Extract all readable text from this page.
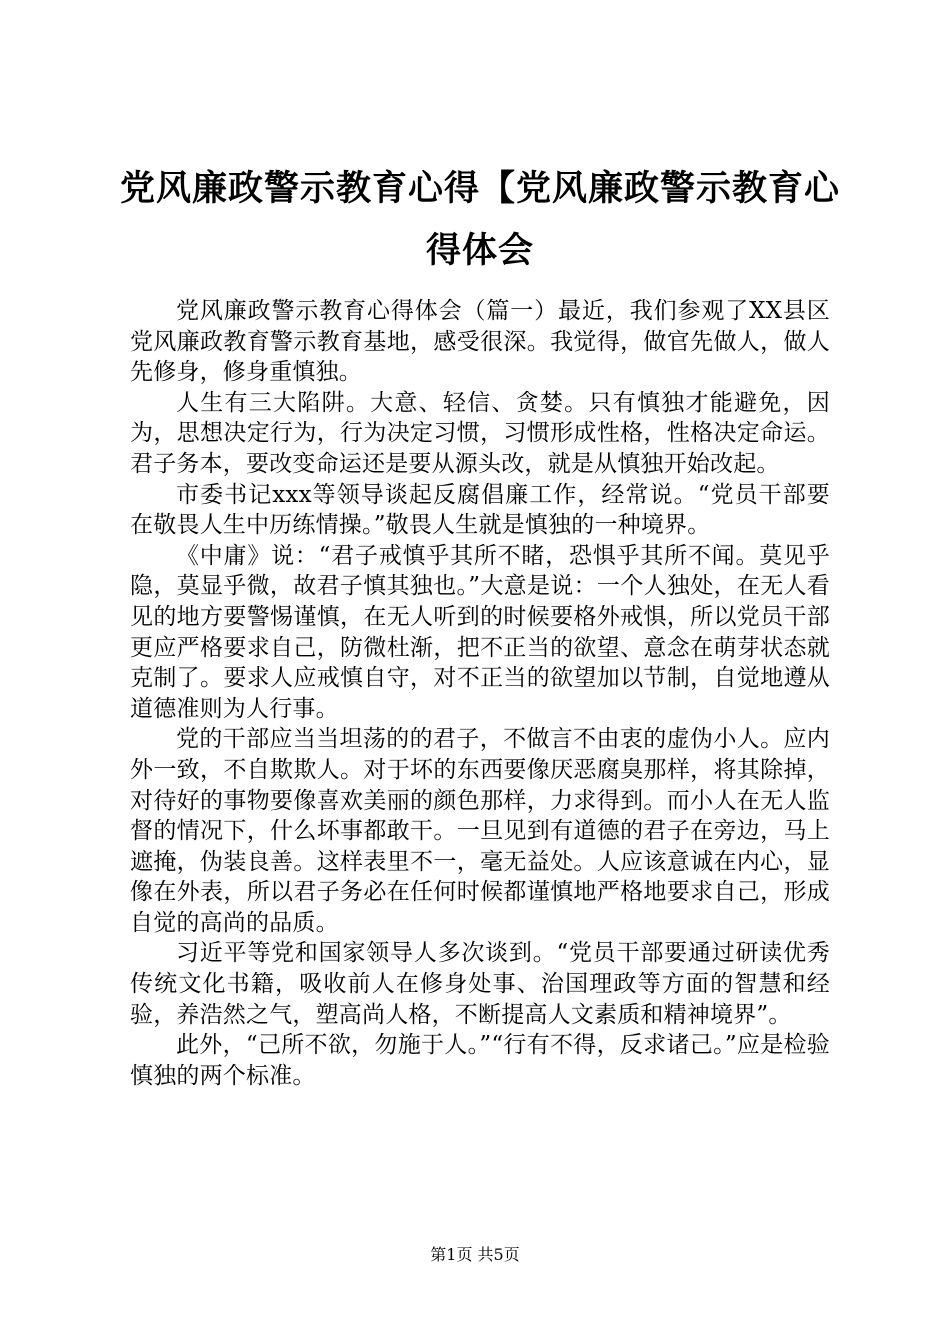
党风廉政警示教育心得【党风廉政警示教育心得体会

党风廉政警示教育心得体会（篇一）最近，我们参观了XX县区党风廉政教育警示教育基地，感受很深。我觉得，做官先做人，做人先修身，修身重慎独。

人生有三大陷阱。大意、轻信、贪婪。只有慎独才能避免，因为，思想决定行为，行为决定习惯，习惯形成性格，性格决定命运。君子务本，要改变命运还是要从源头改，就是从慎独开始改起。

市委书记xxx等领导谈起反腐倡廉工作，经常说。“党员干部要在敬畏人生中历练情操。”敬畏人生就是慎独的一种境界。

《中庸》说：“君子戒慎乎其所不睹，恐惧乎其所不闻。莫见乎隐，莫显乎微，故君子慎其独也。”大意是说：一个人独处，在无人看见的地方要警惕谨慎，在无人听到的时候要格外戒惧，所以党员干部更应严格要求自己，防微杜渐，把不正当的欲望、意念在萌芽状态就克制了。要求人应戒慎自守，对不正当的欲望加以节制，自觉地遵从道德准则为人行事。

党的干部应当当坦荡的的君子，不做言不由衷的虚伪小人。应内外一致，不自欺欺人。对于坏的东西要像厌恶腐臭那样，将其除掉，对待好的事物要像喜欢美丽的颜色那样，力求得到。而小人在无人监督的情况下，什么坏事都敢干。一旦见到有道德的君子在旁边，马上遮掩，伪装良善。这样表里不一，毫无益处。人应该意诚在内心，显像在外表，所以君子务必在任何时候都谨慎地严格地要求自己，形成自觉的高尚的品质。

习近平等党和国家领导人多次谈到。“党员干部要通过研读优秀传统文化书籍，吸收前人在修身处事、治国理政等方面的智慧和经验，养浩然之气，塑高尚人格，不断提高人文素质和精神境界”。

此外，“己所不欲，勿施于人。”“行有不得，反求诸己。”应是检验慎独的两个标准。

第1页 共5页
